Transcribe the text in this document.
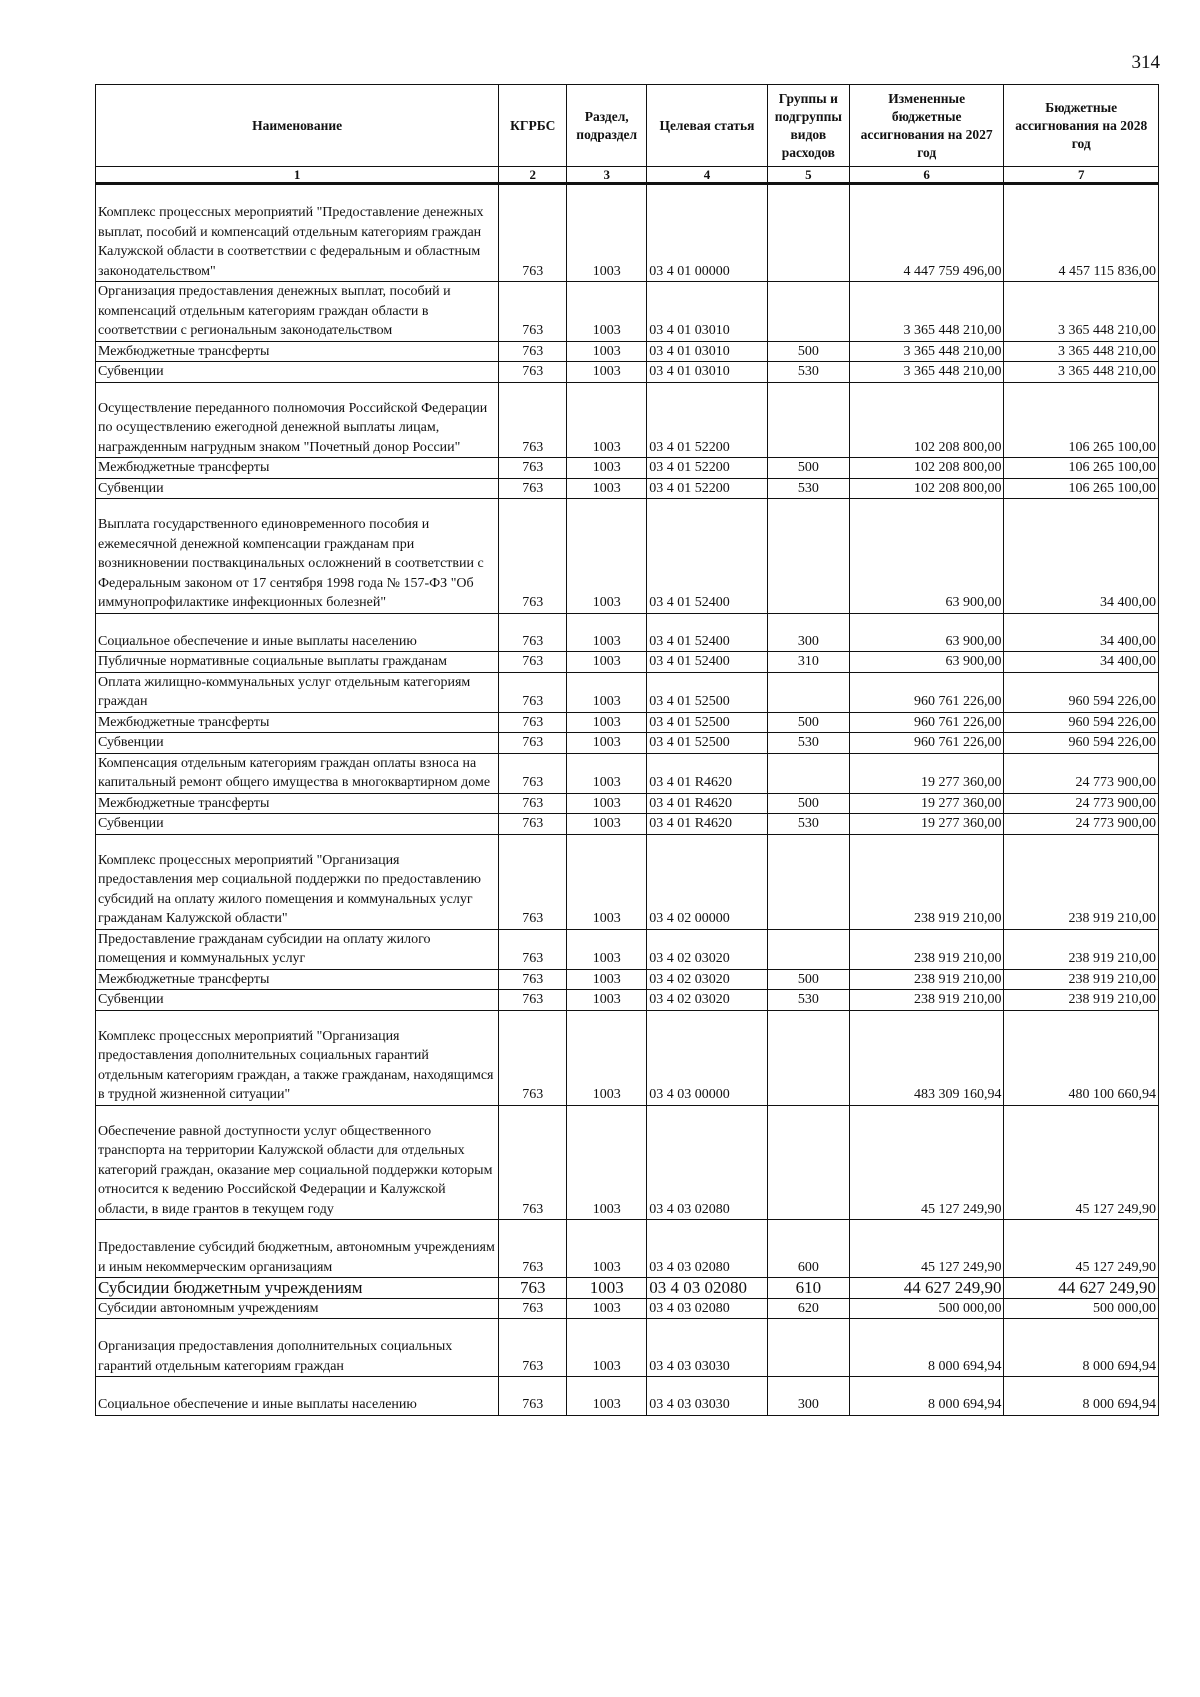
314
Наименование	КГРБС	Раздел, подраздел	Целевая статья	Группы и подгруппы видов расходов	Измененные бюджетные ассигнования на 2027 год	Бюджетные ассигнования на 2028 год
1	2	3	4	5	6	7
Комплекс процессных мероприятий "Предоставление денежных выплат, пособий и компенсаций отдельным категориям граждан Калужской области в соответствии с федеральным и областным законодательством"	763	1003	03 4 01 00000		4 447 759 496,00	4 457 115 836,00
Организация предоставления денежных выплат, пособий и компенсаций отдельным категориям граждан области в соответствии с региональным законодательством	763	1003	03 4 01 03010		3 365 448 210,00	3 365 448 210,00
Межбюджетные трансферты	763	1003	03 4 01 03010	500	3 365 448 210,00	3 365 448 210,00
Субвенции	763	1003	03 4 01 03010	530	3 365 448 210,00	3 365 448 210,00
Осуществление переданного полномочия Российской Федерации по осуществлению ежегодной денежной выплаты лицам, награжденным нагрудным знаком "Почетный донор России"	763	1003	03 4 01 52200		102 208 800,00	106 265 100,00
Межбюджетные трансферты	763	1003	03 4 01 52200	500	102 208 800,00	106 265 100,00
Субвенции	763	1003	03 4 01 52200	530	102 208 800,00	106 265 100,00
Выплата государственного единовременного пособия и ежемесячной денежной компенсации гражданам при возникновении поствакцинальных осложнений в соответствии с Федеральным законом от 17 сентября 1998 года № 157-ФЗ "Об иммунопрофилактике инфекционных болезней"	763	1003	03 4 01 52400		63 900,00	34 400,00
Социальное обеспечение и иные выплаты населению	763	1003	03 4 01 52400	300	63 900,00	34 400,00
Публичные нормативные социальные выплаты гражданам	763	1003	03 4 01 52400	310	63 900,00	34 400,00
Оплата жилищно-коммунальных услуг отдельным категориям граждан	763	1003	03 4 01 52500		960 761 226,00	960 594 226,00
Межбюджетные трансферты	763	1003	03 4 01 52500	500	960 761 226,00	960 594 226,00
Субвенции	763	1003	03 4 01 52500	530	960 761 226,00	960 594 226,00
Компенсация отдельным категориям граждан оплаты взноса на капитальный ремонт общего имущества в многоквартирном доме	763	1003	03 4 01 R4620		19 277 360,00	24 773 900,00
Межбюджетные трансферты	763	1003	03 4 01 R4620	500	19 277 360,00	24 773 900,00
Субвенции	763	1003	03 4 01 R4620	530	19 277 360,00	24 773 900,00
Комплекс процессных мероприятий "Организация предоставления мер социальной поддержки по предоставлению субсидий на оплату жилого помещения и коммунальных услуг гражданам Калужской области"	763	1003	03 4 02 00000		238 919 210,00	238 919 210,00
Предоставление гражданам субсидии на оплату жилого помещения и коммунальных услуг	763	1003	03 4 02 03020		238 919 210,00	238 919 210,00
Межбюджетные трансферты	763	1003	03 4 02 03020	500	238 919 210,00	238 919 210,00
Субвенции	763	1003	03 4 02 03020	530	238 919 210,00	238 919 210,00
Комплекс процессных мероприятий "Организация предоставления дополнительных социальных гарантий отдельным категориям граждан, а также гражданам, находящимся в трудной жизненной ситуации"	763	1003	03 4 03 00000		483 309 160,94	480 100 660,94
Обеспечение равной доступности услуг общественного транспорта на территории Калужской области для отдельных категорий граждан, оказание мер социальной поддержки которым относится к ведению Российской Федерации и Калужской области, в виде грантов в текущем году	763	1003	03 4 03 02080		45 127 249,90	45 127 249,90
Предоставление субсидий бюджетным, автономным учреждениям и иным некоммерческим организациям	763	1003	03 4 03 02080	600	45 127 249,90	45 127 249,90
Субсидии бюджетным учреждениям	763	1003	03 4 03 02080	610	44 627 249,90	44 627 249,90
Субсидии автономным учреждениям	763	1003	03 4 03 02080	620	500 000,00	500 000,00
Организация предоставления дополнительных социальных гарантий отдельным категориям граждан	763	1003	03 4 03 03030		8 000 694,94	8 000 694,94
Социальное обеспечение и иные выплаты населению	763	1003	03 4 03 03030	300	8 000 694,94	8 000 694,94
